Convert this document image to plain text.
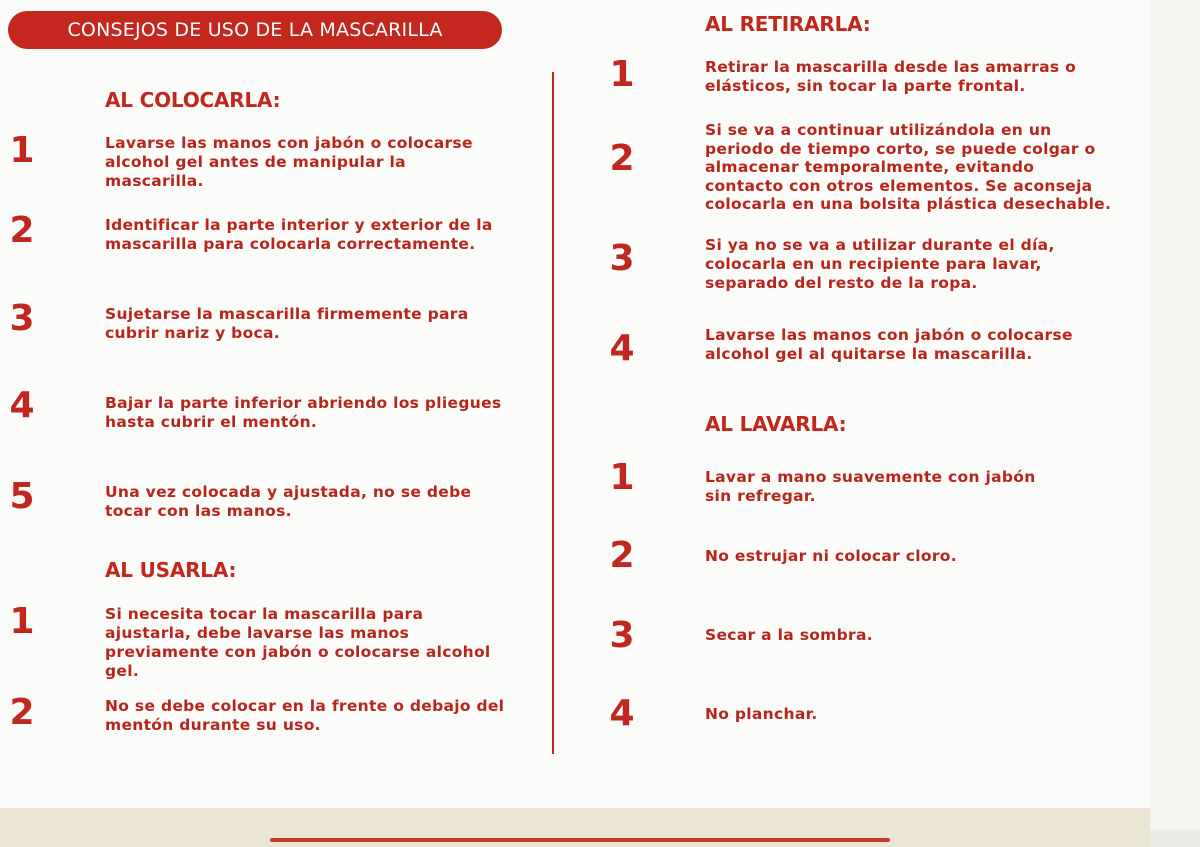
CONSEJOS DE USO DE LA MASCARILLA
AL COLOCARLA:
1	Lavarse las manos con jabón o colocarse alcohol gel antes de manipular la mascarilla.
2	Identificar la parte interior y exterior de la mascarilla para colocarla correctamente.
3	Sujetarse la mascarilla firmemente para cubrir nariz y boca.
4	Bajar la parte inferior abriendo los pliegues hasta cubrir el mentón.
5	Una vez colocada y ajustada, no se debe tocar con las manos.
AL USARLA:
1	Si necesita tocar la mascarilla para ajustarla, debe lavarse las manos previamente con jabón o colocarse alcohol gel.
2	No se debe colocar en la frente o debajo del mentón durante su uso.
AL RETIRARLA:
1	Retirar la mascarilla desde las amarras o elásticos, sin tocar la parte frontal.
2
Si se va a continuar utilizándola en un periodo de tiempo corto, se puede colgar o almacenar temporalmente, evitando contacto con otros elementos. Se aconseja colocarla en una bolsita plástica desechable.
3	Si ya no se va a utilizar durante el día, colocarla en un recipiente para lavar, separado del resto de la ropa.
4	Lavarse las manos con jabón o colocarse alcohol gel al quitarse la mascarilla.
AL LAVARLA:
1	Lavar a mano suavemente con jabón sin refregar.
2	No estrujar ni colocar cloro.
3	Secar a la sombra.
4	No planchar.
